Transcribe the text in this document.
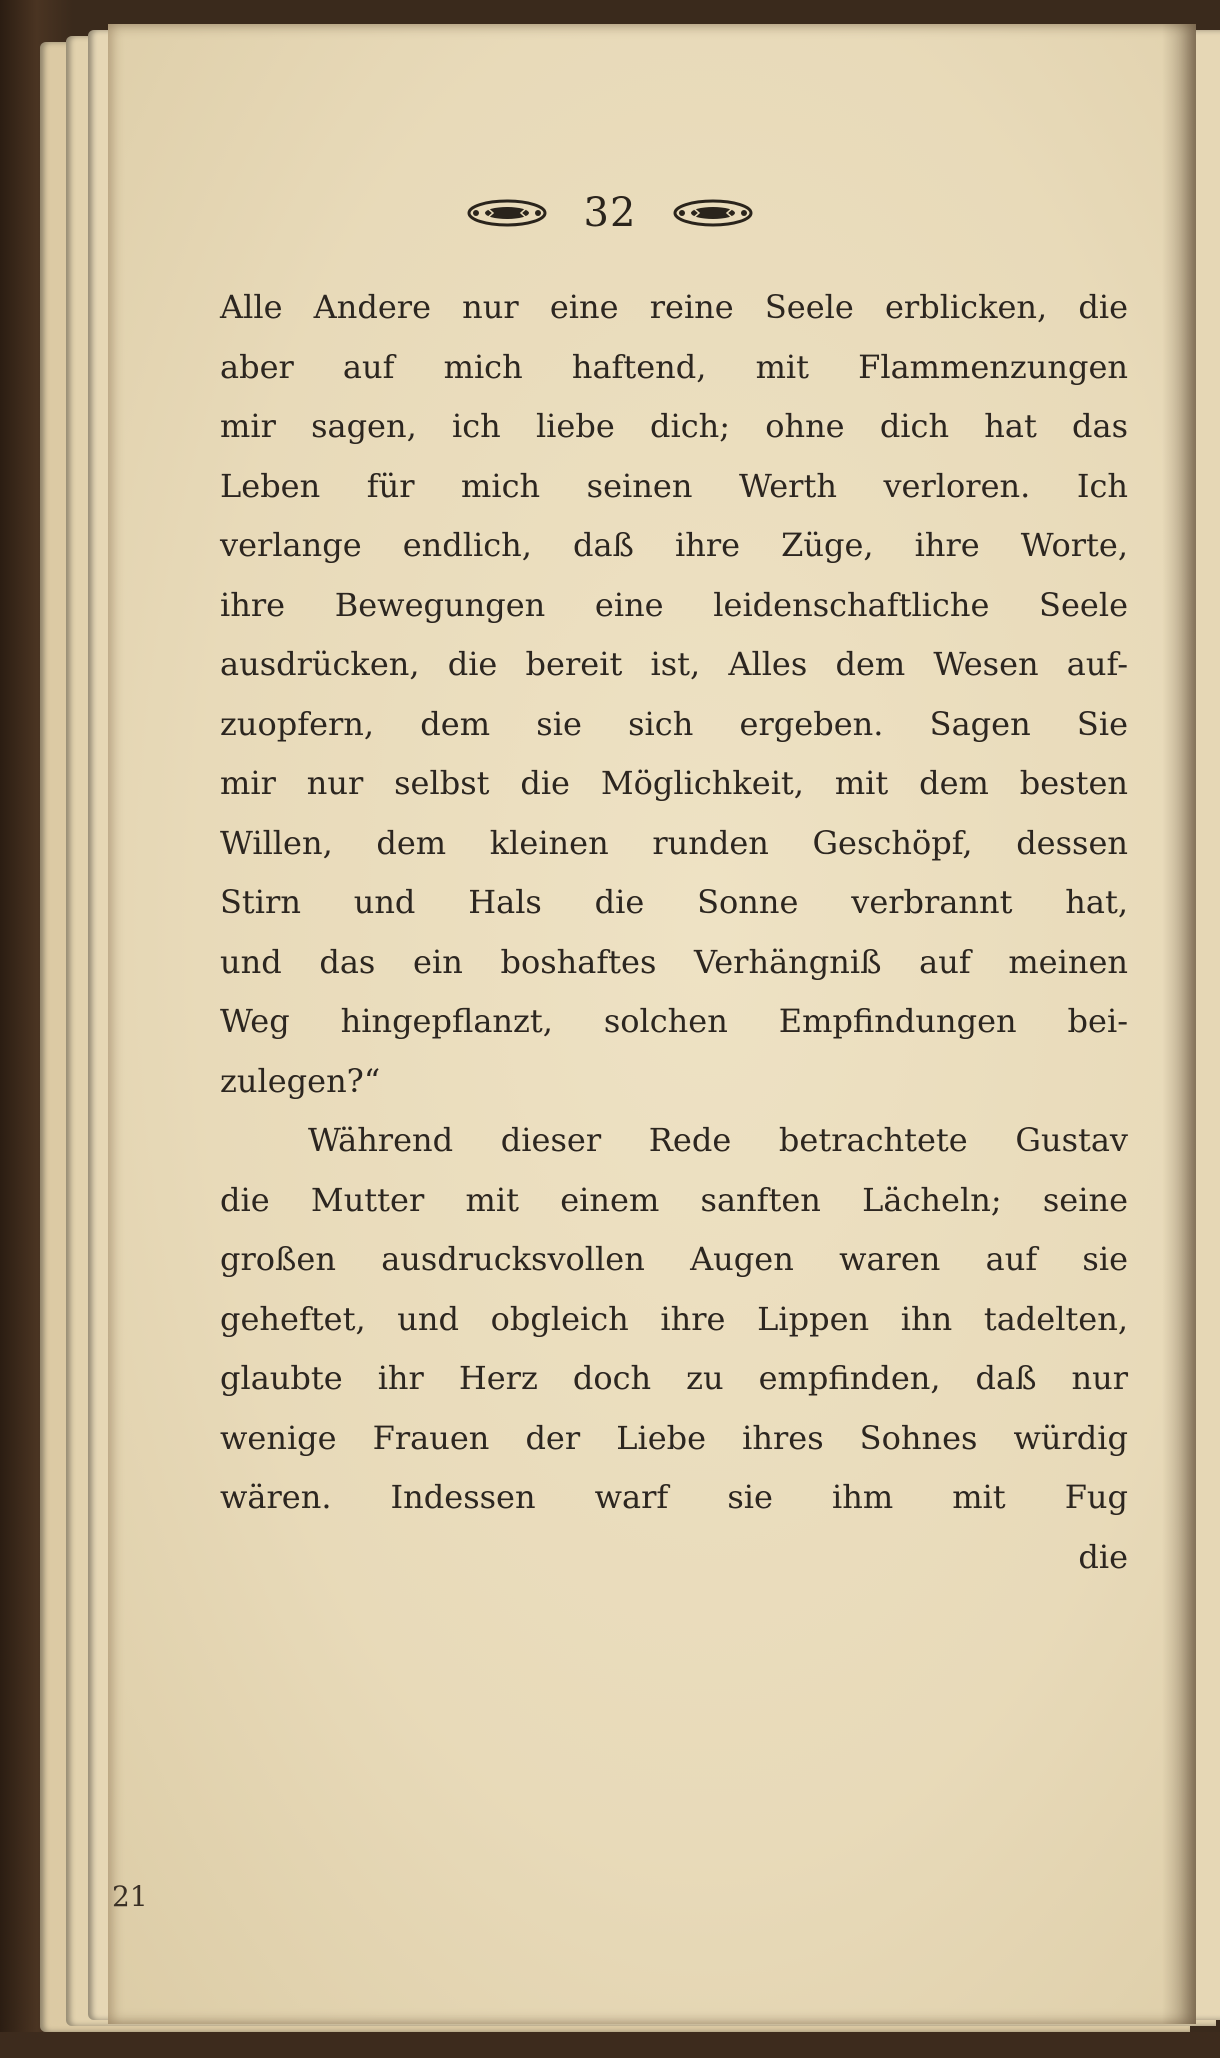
32
Alle Andere nur eine reine Seele erblicken, die
aber auf mich haftend, mit Flammenzungen
mir sagen, ich liebe dich; ohne dich hat das
Leben für mich seinen Werth verloren. Ich
verlange endlich, daß ihre Züge, ihre Worte,
ihre Bewegungen eine leidenschaftliche Seele
ausdrücken, die bereit ist, Alles dem Wesen auf-
zuopfern, dem sie sich ergeben. Sagen Sie
mir nur selbst die Möglichkeit, mit dem besten
Willen, dem kleinen runden Geschöpf, dessen
Stirn und Hals die Sonne verbrannt hat,
und das ein boshaftes Verhängniß auf meinen
Weg hingepflanzt, solchen Empfindungen bei-
zulegen?“
Während dieser Rede betrachtete Gustav
die Mutter mit einem sanften Lächeln; seine
großen ausdrucksvollen Augen waren auf sie
geheftet, und obgleich ihre Lippen ihn tadelten,
glaubte ihr Herz doch zu empfinden, daß nur
wenige Frauen der Liebe ihres Sohnes würdig
wären. Indessen warf sie ihm mit Fug
die
21
